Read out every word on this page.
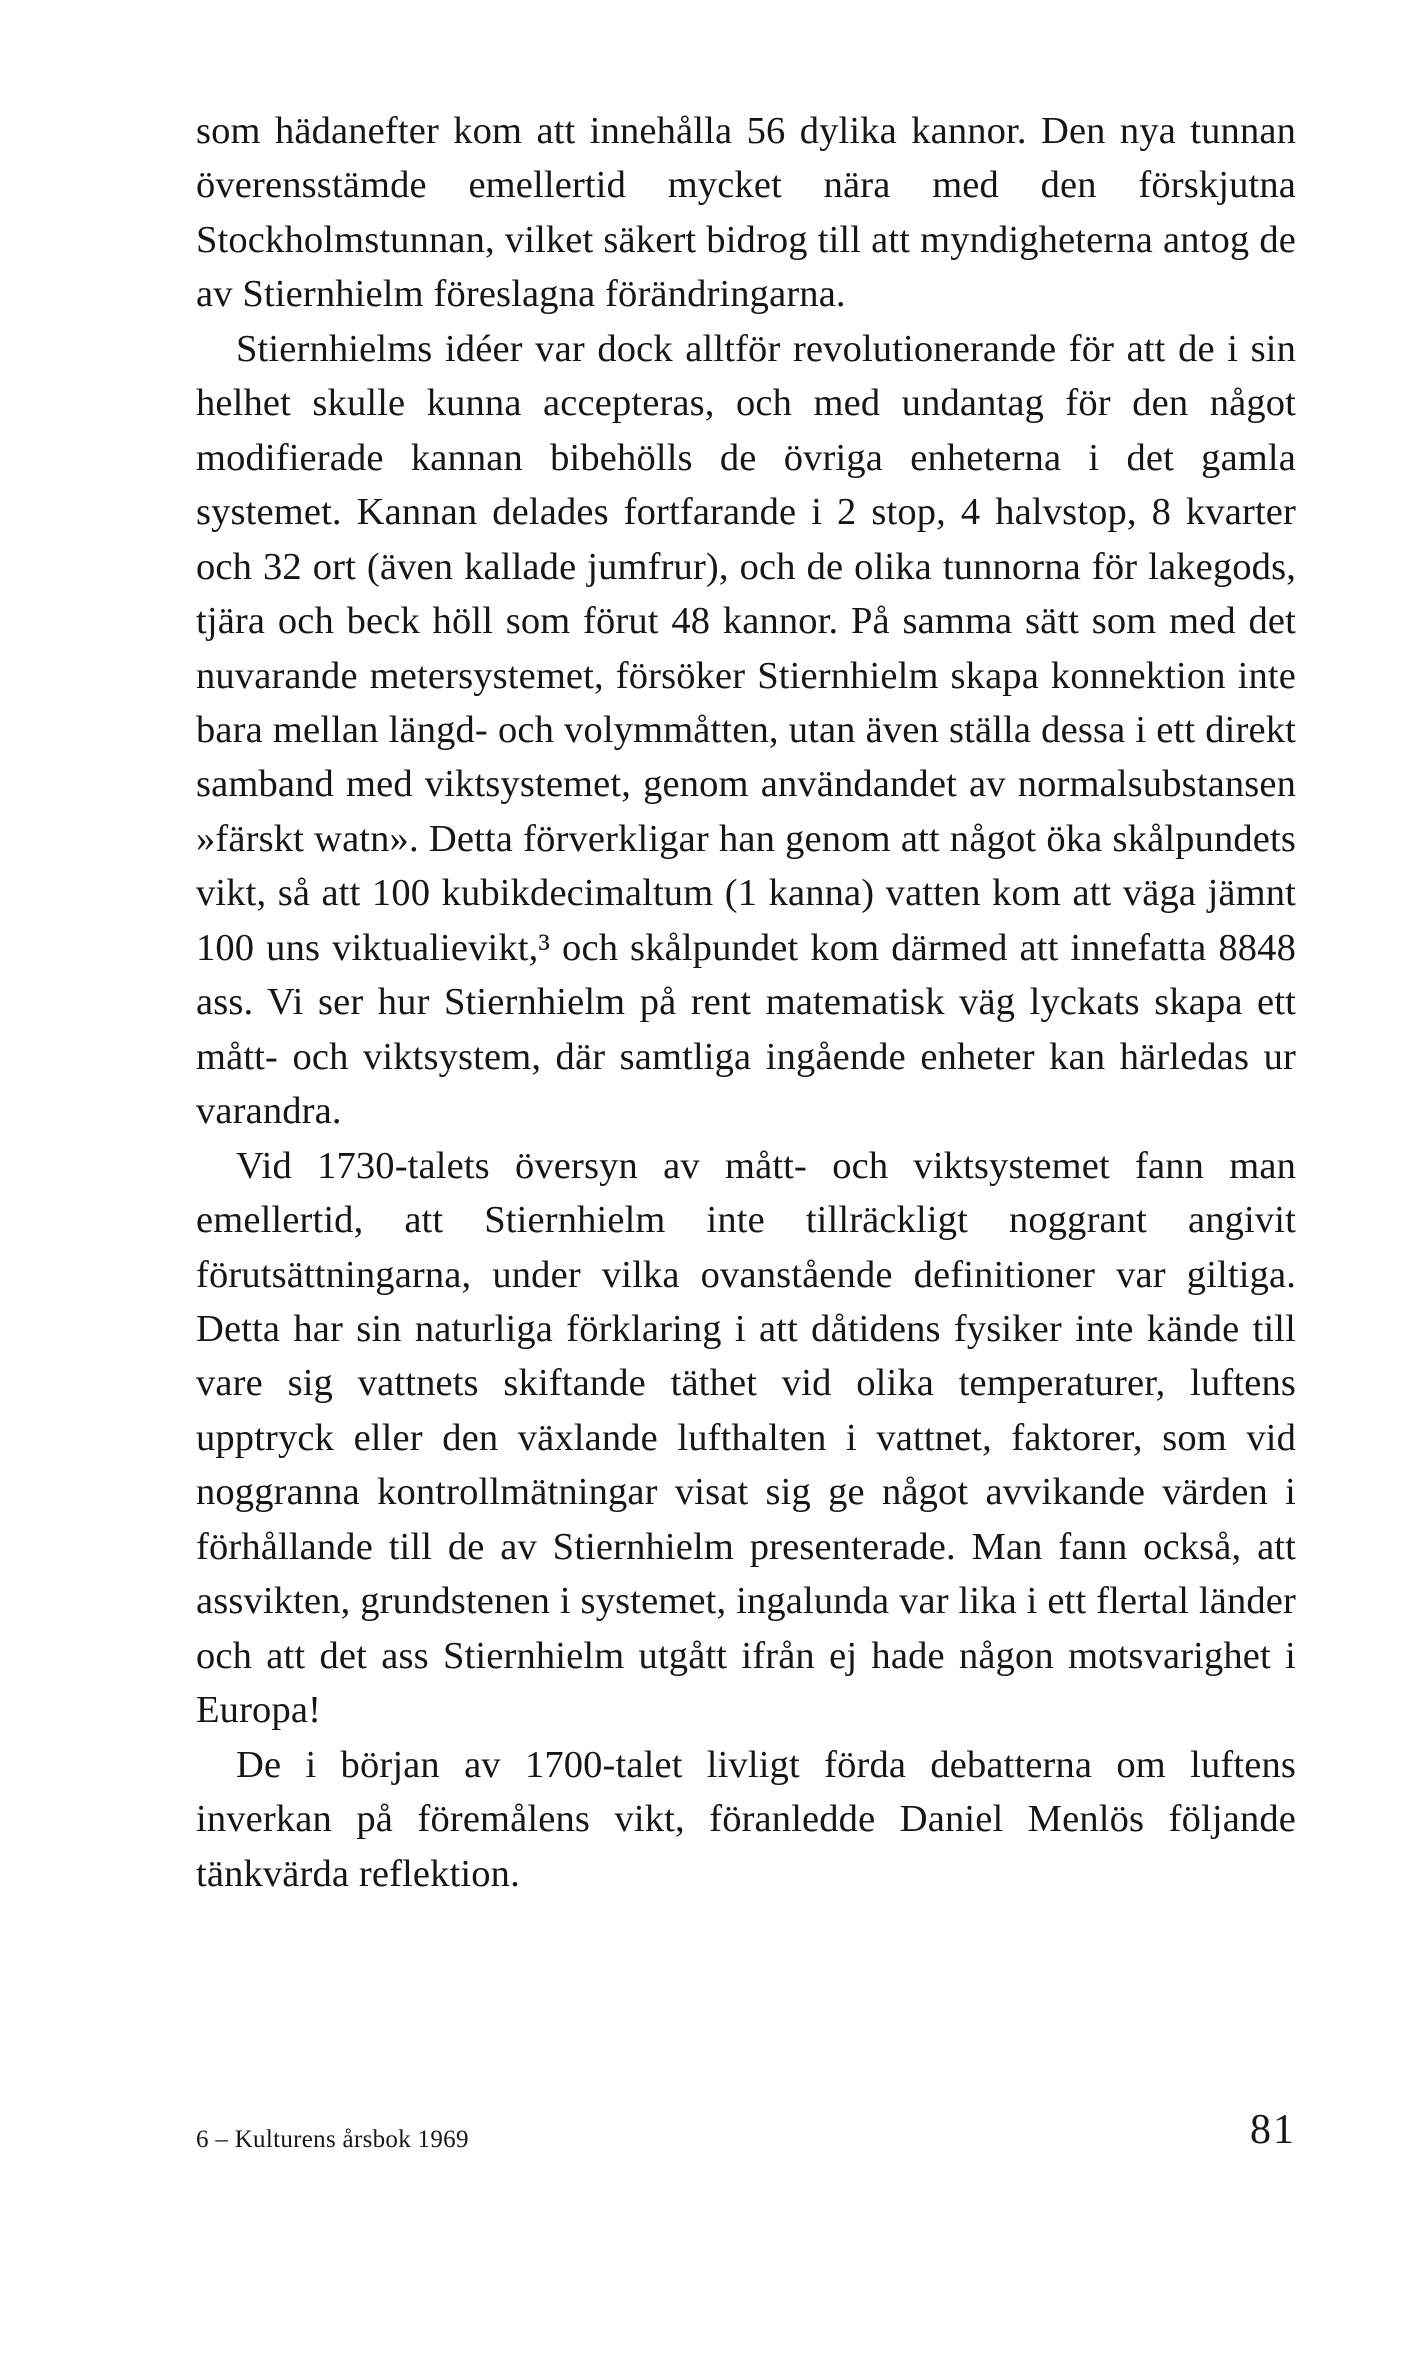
som hädanefter kom att innehålla 56 dylika kannor. Den nya tunnan överensstämde emellertid mycket nära med den förskjutna Stockholmstunnan, vilket säkert bidrog till att myndigheterna antog de av Stiernhielm föreslagna förändringarna.

Stiernhielms idéer var dock alltför revolutionerande för att de i sin helhet skulle kunna accepteras, och med undantag för den något modifierade kannan bibehölls de övriga enheterna i det gamla systemet. Kannan delades fortfarande i 2 stop, 4 halvstop, 8 kvarter och 32 ort (även kallade jumfrur), och de olika tunnorna för lakegods, tjära och beck höll som förut 48 kannor. På samma sätt som med det nuvarande metersystemet, försöker Stiernhielm skapa konnektion inte bara mellan längd- och volymmåtten, utan även ställa dessa i ett direkt samband med viktsystemet, genom användandet av normalsubstansen »färskt watn». Detta förverkligar han genom att något öka skålpundets vikt, så att 100 kubikdecimaltum (1 kanna) vatten kom att väga jämnt 100 uns viktualievikt,³ och skålpundet kom därmed att innefatta 8848 ass. Vi ser hur Stiernhielm på rent matematisk väg lyckats skapa ett mått- och viktsystem, där samtliga ingående enheter kan härledas ur varandra.

Vid 1730-talets översyn av mått- och viktsystemet fann man emellertid, att Stiernhielm inte tillräckligt noggrant angivit förutsättningarna, under vilka ovanstående definitioner var giltiga. Detta har sin naturliga förklaring i att dåtidens fysiker inte kände till vare sig vattnets skiftande täthet vid olika temperaturer, luftens upptryck eller den växlande lufthalten i vattnet, faktorer, som vid noggranna kontrollmätningar visat sig ge något avvikande värden i förhållande till de av Stiernhielm presenterade. Man fann också, att assvikten, grundstenen i systemet, ingalunda var lika i ett flertal länder och att det ass Stiernhielm utgått ifrån ej hade någon motsvarighet i Europa!

De i början av 1700-talet livligt förda debatterna om luftens inverkan på föremålens vikt, föranledde Daniel Menlös följande tänkvärda reflektion.

6 – Kulturens årsbok 1969	81
